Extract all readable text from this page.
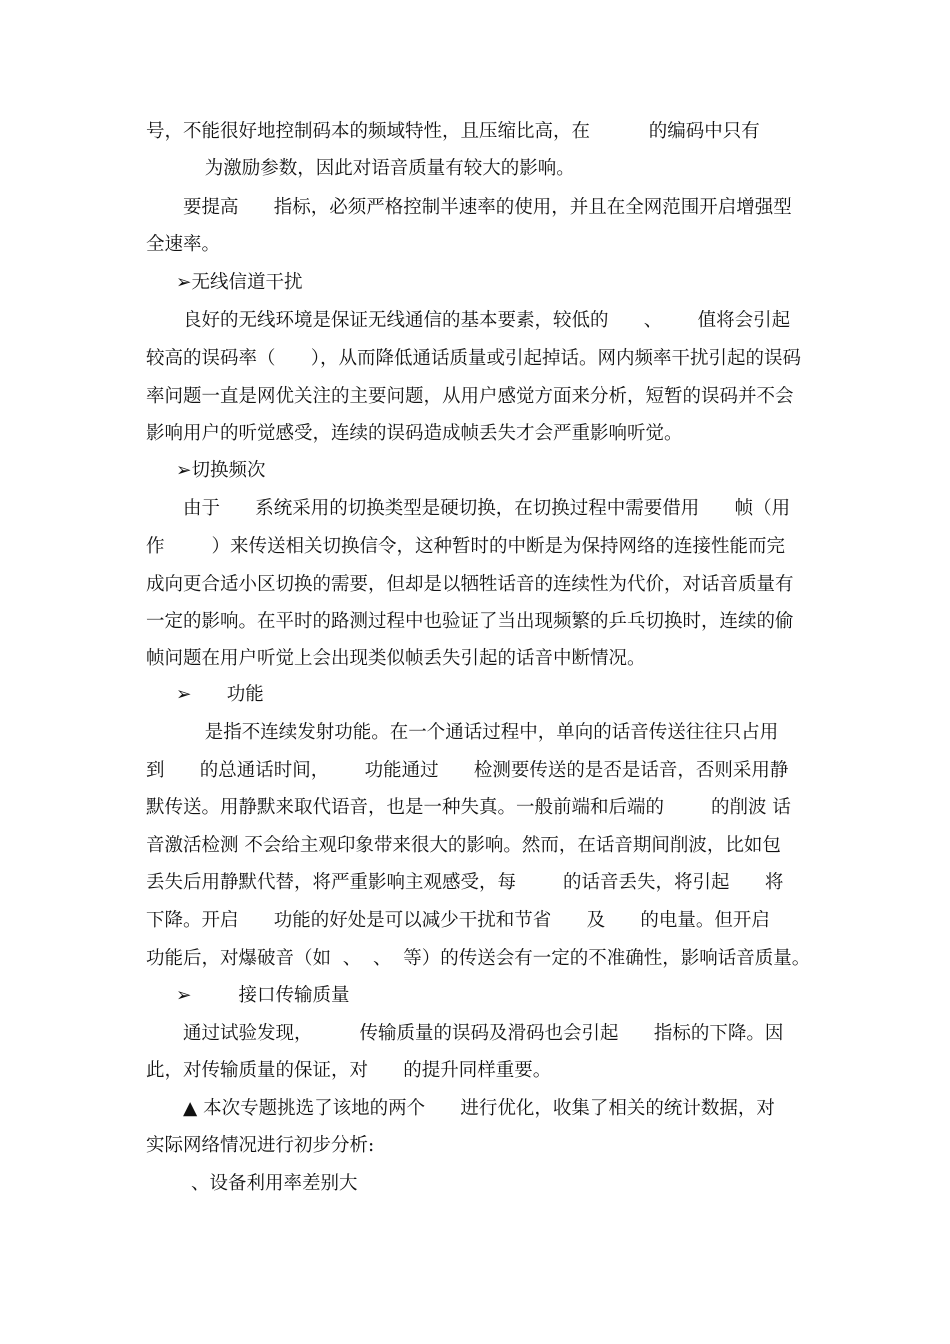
号，不能很好地控制码本的频域特性，且压缩比高，在          的编码中只有
为激励参数，因此对语音质量有较大的影响。
要提高      指标，必须严格控制半速率的使用，并且在全网范围开启增强型
全速率。
➢无线信道干扰
良好的无线环境是保证无线通信的基本要素，较低的      、      值将会引起
较高的误码率（      ），从而降低通话质量或引起掉话。网内频率干扰引起的误码
率问题一直是网优关注的主要问题，从用户感觉方面来分析，短暂的误码并不会
影响用户的听觉感受，连续的误码造成帧丢失才会严重影响听觉。
➢切换频次
由于      系统采用的切换类型是硬切换，在切换过程中需要借用      帧（用
作        ）来传送相关切换信令，这种暂时的中断是为保持网络的连接性能而完
成向更合适小区切换的需要，但却是以牺牲话音的连续性为代价，对话音质量有
一定的影响。在平时的路测过程中也验证了当出现频繁的乒乓切换时，连续的偷
帧问题在用户听觉上会出现类似帧丢失引起的话音中断情况。
➢      功能
是指不连续发射功能。在一个通话过程中，单向的话音传送往往只占用
到      的总通话时间，      功能通过      检测要传送的是否是话音，否则采用静
默传送。用静默来取代语音，也是一种失真。一般前端和后端的        的削波 话
音激活检测 不会给主观印象带来很大的影响。然而，在话音期间削波，比如包
丢失后用静默代替，将严重影响主观感受，每        的话音丢失，将引起      将
下降。开启      功能的好处是可以减少干扰和节省      及      的电量。但开启
功能后，对爆破音（如  、  、  等）的传送会有一定的不准确性，影响话音质量。
➢        接口传输质量
通过试验发现，        传输质量的误码及滑码也会引起      指标的下降。因
此，对传输质量的保证，对      的提升同样重要。
▲ 本次专题挑选了该地的两个      进行优化，收集了相关的统计数据，对
实际网络情况进行初步分析:
、设备利用率差别大
